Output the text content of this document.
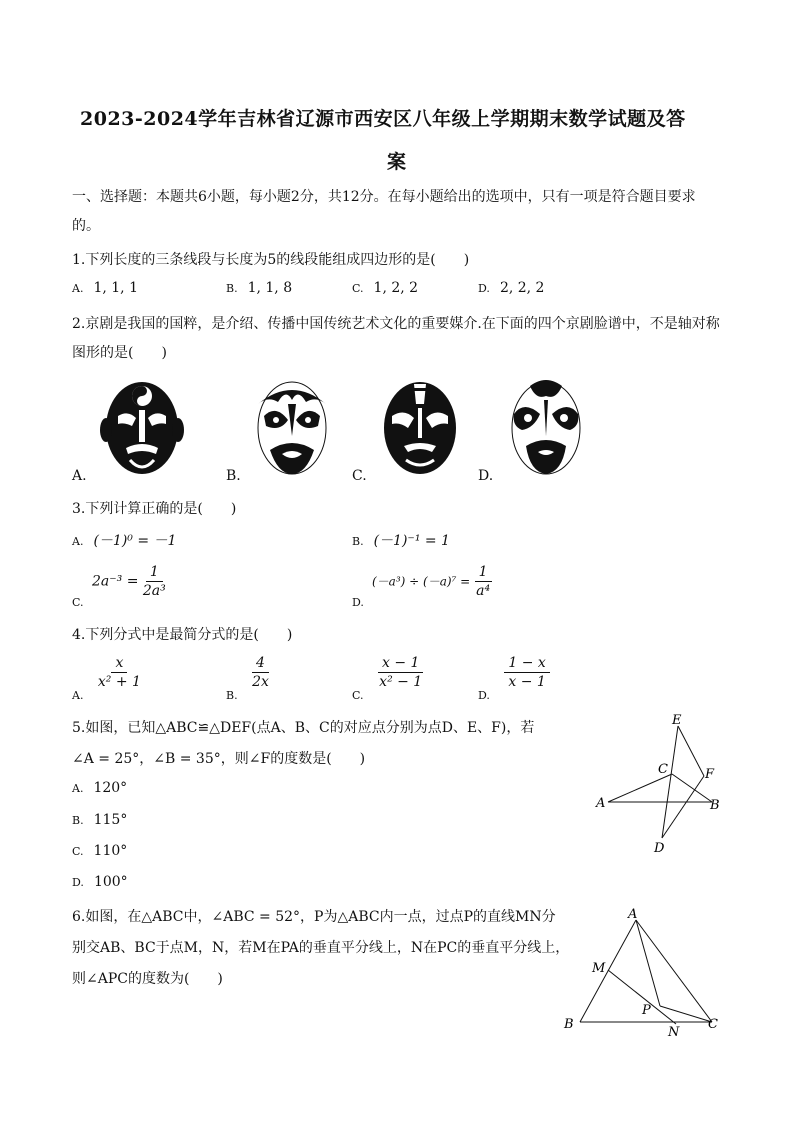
2023-2024学年吉林省辽源市西安区八年级上学期期末数学试题及答
案
一、选择题：本题共6小题，每小题2分，共12分。在每小题给出的选项中，只有一项是符合题目要求
的。
1.下列长度的三条线段与长度为5的线段能组成四边形的是(　　)
A. 1, 1, 1	B. 1, 1, 8	C. 1, 2, 2	D. 2, 2, 2
2.京剧是我国的国粹，是介绍、传播中国传统艺术文化的重要媒介.在下面的四个京剧脸谱中，不是轴对称
图形的是(　　)
A.	B.	C.	D.
3.下列计算正确的是(　　)
A. (－1)⁰ = －1	B. (－1)⁻¹ = 1
$2a^{-3} = \frac{1}{\text{2a³}}$
C.
$(-a^3) \div (-a)^7 = \frac{1}{\text{a⁴}}$
D.
4.下列分式中是最简分式的是(　　)
$_{A.}$
$\frac{x}{\text{x² + 1}}$
$_{B.}$
$\frac{4}{2x}$
$_{C.}$
$\frac{x - 1}{\text{x² − 1}}$
$_{D.}$
$\frac{1 - x}{x - 1}$
5.如图，已知△ABC≌△DEF(点A、B、C的对应点分别为点D、E、F)，若
∠A = 25°，∠B = 35°，则∠F的度数是(　　)
A. 120°
B. 115°
C. 110°
D. 100°
A	B
C
D
E
F
6.如图，在△ABC中，∠ABC = 52°，P为△ABC内一点，过点P的直线MN分
别交AB、BC于点M，N，若M在PA的垂直平分线上，N在PC的垂直平分线上，
则∠APC的度数为(　　)
A
B	C
M
N
P
